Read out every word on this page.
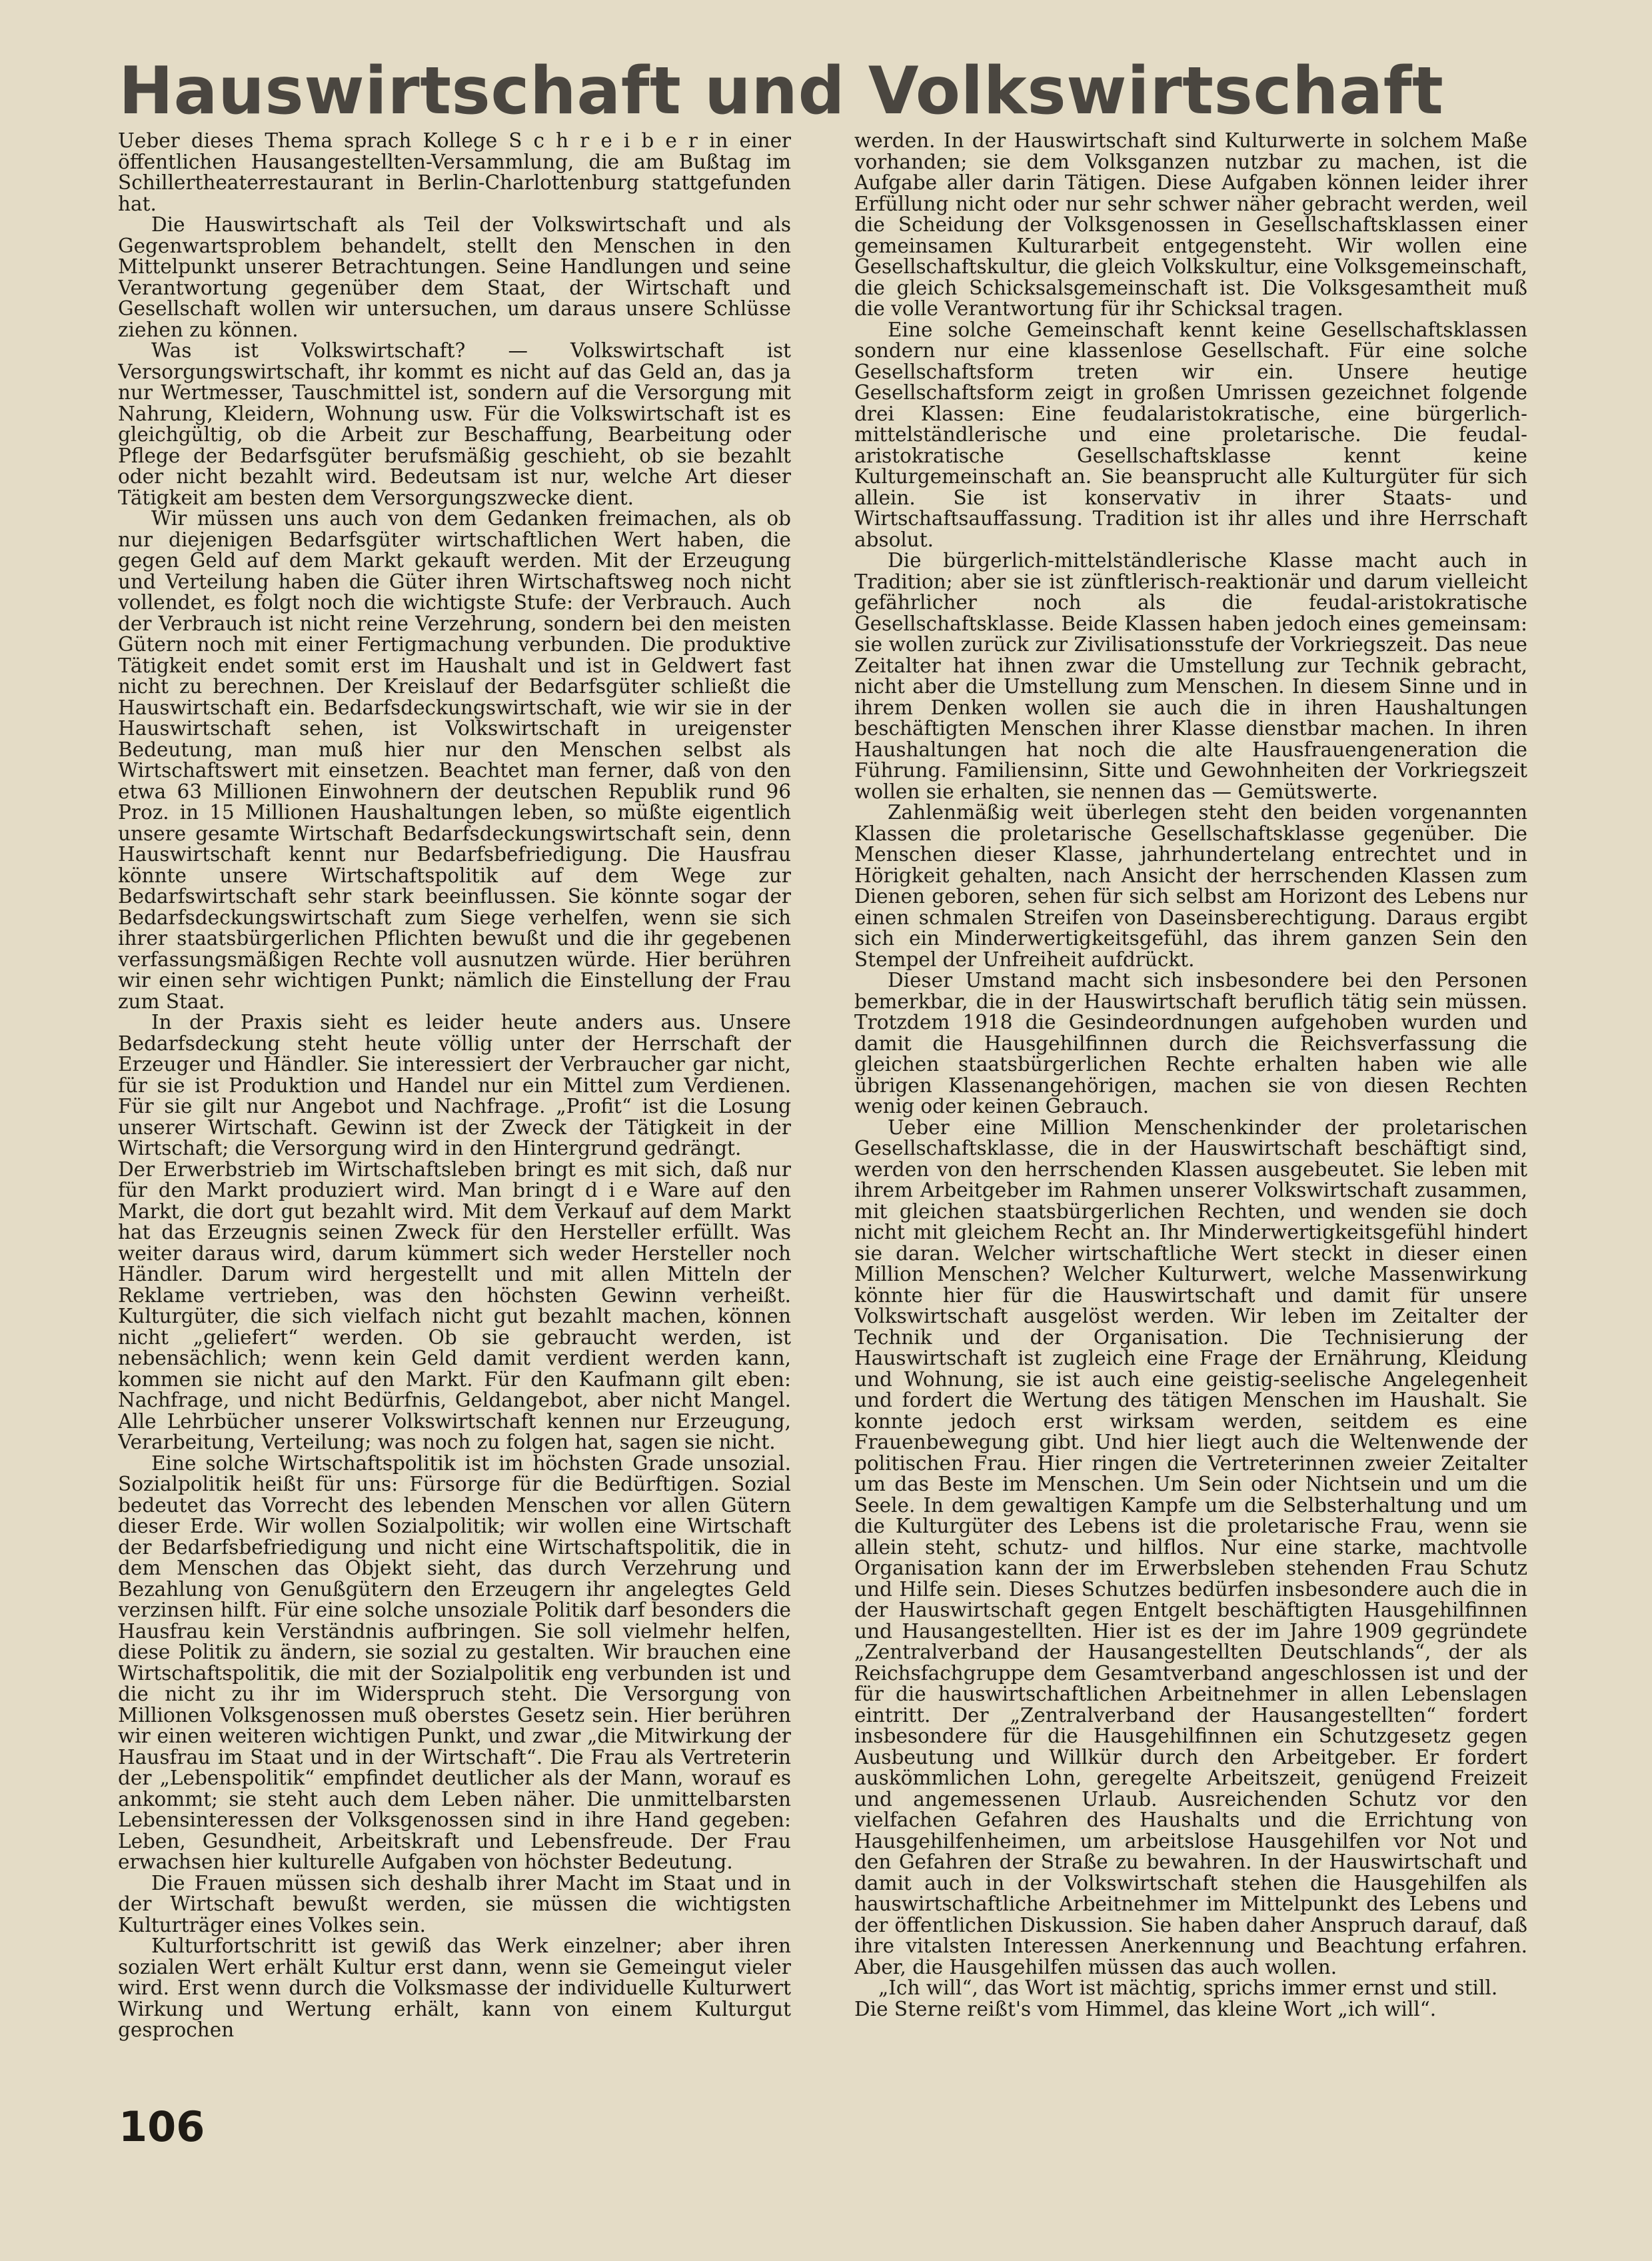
Hauswirtschaft und Volkswirtschaft

Ueber dieses Thema sprach Kollege S c h r e i b e r in einer öffentlichen Hausangestellten-Versammlung, die am Bußtag im Schillertheaterrestaurant in Berlin-Charlottenburg stattgefunden hat.

Die Hauswirtschaft als Teil der Volkswirtschaft und als Gegenwartsproblem behandelt, stellt den Menschen in den Mittelpunkt unserer Betrachtungen. Seine Handlungen und seine Verantwortung gegenüber dem Staat, der Wirtschaft und Gesellschaft wollen wir untersuchen, um daraus unsere Schlüsse ziehen zu können.

Was ist Volkswirtschaft? — Volkswirtschaft ist Versorgungswirtschaft, ihr kommt es nicht auf das Geld an, das ja nur Wertmesser, Tauschmittel ist, sondern auf die Versorgung mit Nahrung, Kleidern, Wohnung usw. Für die Volkswirtschaft ist es gleichgültig, ob die Arbeit zur Beschaffung, Bearbeitung oder Pflege der Bedarfsgüter berufsmäßig geschieht, ob sie bezahlt oder nicht bezahlt wird. Bedeutsam ist nur, welche Art dieser Tätigkeit am besten dem Versorgungszwecke dient.

Wir müssen uns auch von dem Gedanken freimachen, als ob nur diejenigen Bedarfsgüter wirtschaftlichen Wert haben, die gegen Geld auf dem Markt gekauft werden. Mit der Erzeugung und Verteilung haben die Güter ihren Wirtschaftsweg noch nicht vollendet, es folgt noch die wichtigste Stufe: der Verbrauch. Auch der Verbrauch ist nicht reine Verzehrung, sondern bei den meisten Gütern noch mit einer Fertigmachung verbunden. Die produktive Tätigkeit endet somit erst im Haushalt und ist in Geldwert fast nicht zu berechnen. Der Kreislauf der Bedarfsgüter schließt die Hauswirtschaft ein. Bedarfsdeckungswirtschaft, wie wir sie in der Hauswirtschaft sehen, ist Volkswirtschaft in ureigenster Bedeutung, man muß hier nur den Menschen selbst als Wirtschaftswert mit einsetzen. Beachtet man ferner, daß von den etwa 63 Millionen Einwohnern der deutschen Republik rund 96 Proz. in 15 Millionen Haushaltungen leben, so müßte eigentlich unsere gesamte Wirtschaft Bedarfsdeckungswirtschaft sein, denn Hauswirtschaft kennt nur Bedarfsbefriedigung. Die Hausfrau könnte unsere Wirtschaftspolitik auf dem Wege zur Bedarfswirtschaft sehr stark beeinflussen. Sie könnte sogar der Bedarfsdeckungswirtschaft zum Siege verhelfen, wenn sie sich ihrer staatsbürgerlichen Pflichten bewußt und die ihr gegebenen verfassungsmäßigen Rechte voll ausnutzen würde. Hier berühren wir einen sehr wichtigen Punkt; nämlich die Einstellung der Frau zum Staat.

In der Praxis sieht es leider heute anders aus. Unsere Bedarfsdeckung steht heute völlig unter der Herrschaft der Erzeuger und Händler. Sie interessiert der Verbraucher gar nicht, für sie ist Produktion und Handel nur ein Mittel zum Verdienen. Für sie gilt nur Angebot und Nachfrage. „Profit“ ist die Losung unserer Wirtschaft. Gewinn ist der Zweck der Tätigkeit in der Wirtschaft; die Versorgung wird in den Hintergrund gedrängt.

Der Erwerbstrieb im Wirtschaftsleben bringt es mit sich, daß nur für den Markt produziert wird. Man bringt d i e Ware auf den Markt, die dort gut bezahlt wird. Mit dem Verkauf auf dem Markt hat das Erzeugnis seinen Zweck für den Hersteller erfüllt. Was weiter daraus wird, darum kümmert sich weder Hersteller noch Händler. Darum wird hergestellt und mit allen Mitteln der Reklame vertrieben, was den höchsten Gewinn verheißt. Kulturgüter, die sich vielfach nicht gut bezahlt machen, können nicht „geliefert“ werden. Ob sie gebraucht werden, ist nebensächlich; wenn kein Geld damit verdient werden kann, kommen sie nicht auf den Markt. Für den Kaufmann gilt eben: Nachfrage, und nicht Bedürfnis, Geldangebot, aber nicht Mangel. Alle Lehrbücher unserer Volkswirtschaft kennen nur Erzeugung, Verarbeitung, Verteilung; was noch zu folgen hat, sagen sie nicht.

Eine solche Wirtschaftspolitik ist im höchsten Grade unsozial. Sozialpolitik heißt für uns: Fürsorge für die Bedürftigen. Sozial bedeutet das Vorrecht des lebenden Menschen vor allen Gütern dieser Erde. Wir wollen Sozialpolitik; wir wollen eine Wirtschaft der Bedarfsbefriedigung und nicht eine Wirtschaftspolitik, die in dem Menschen das Objekt sieht, das durch Verzehrung und Bezahlung von Genußgütern den Erzeugern ihr angelegtes Geld verzinsen hilft. Für eine solche unsoziale Politik darf besonders die Hausfrau kein Verständnis aufbringen. Sie soll vielmehr helfen, diese Politik zu ändern, sie sozial zu gestalten. Wir brauchen eine Wirtschaftspolitik, die mit der Sozialpolitik eng verbunden ist und die nicht zu ihr im Widerspruch steht. Die Versorgung von Millionen Volksgenossen muß oberstes Gesetz sein. Hier berühren wir einen weiteren wichtigen Punkt, und zwar „die Mitwirkung der Hausfrau im Staat und in der Wirtschaft“. Die Frau als Vertreterin der „Lebenspolitik“ empfindet deutlicher als der Mann, worauf es ankommt; sie steht auch dem Leben näher. Die unmittelbarsten Lebensinteressen der Volksgenossen sind in ihre Hand gegeben: Leben, Gesundheit, Arbeitskraft und Lebensfreude. Der Frau erwachsen hier kulturelle Aufgaben von höchster Bedeutung.

Die Frauen müssen sich deshalb ihrer Macht im Staat und in der Wirtschaft bewußt werden, sie müssen die wichtigsten Kulturträger eines Volkes sein.

Kulturfortschritt ist gewiß das Werk einzelner; aber ihren sozialen Wert erhält Kultur erst dann, wenn sie Gemeingut vieler wird. Erst wenn durch die Volksmasse der individuelle Kulturwert Wirkung und Wertung erhält, kann von einem Kulturgut gesprochen

werden. In der Hauswirtschaft sind Kulturwerte in solchem Maße vorhanden; sie dem Volksganzen nutzbar zu machen, ist die Aufgabe aller darin Tätigen. Diese Aufgaben können leider ihrer Erfüllung nicht oder nur sehr schwer näher gebracht werden, weil die Scheidung der Volksgenossen in Gesellschaftsklassen einer gemeinsamen Kulturarbeit entgegensteht. Wir wollen eine Gesellschaftskultur, die gleich Volkskultur, eine Volksgemeinschaft, die gleich Schicksalsgemeinschaft ist. Die Volksgesamtheit muß die volle Verantwortung für ihr Schicksal tragen.

Eine solche Gemeinschaft kennt keine Gesellschaftsklassen sondern nur eine klassenlose Gesellschaft. Für eine solche Gesellschaftsform treten wir ein. Unsere heutige Gesellschaftsform zeigt in großen Umrissen gezeichnet folgende drei Klassen: Eine feudalaristokratische, eine bürgerlich-mittelständlerische und eine proletarische. Die feudal-aristokratische Gesellschaftsklasse kennt keine Kulturgemeinschaft an. Sie beansprucht alle Kulturgüter für sich allein. Sie ist konservativ in ihrer Staats- und Wirtschaftsauffassung. Tradition ist ihr alles und ihre Herrschaft absolut.

Die bürgerlich-mittelständlerische Klasse macht auch in Tradition; aber sie ist zünftlerisch-reaktionär und darum vielleicht gefährlicher noch als die feudal-aristokratische Gesellschaftsklasse. Beide Klassen haben jedoch eines gemeinsam: sie wollen zurück zur Zivilisationsstufe der Vorkriegszeit. Das neue Zeitalter hat ihnen zwar die Umstellung zur Technik gebracht, nicht aber die Umstellung zum Menschen. In diesem Sinne und in ihrem Denken wollen sie auch die in ihren Haushaltungen beschäftigten Menschen ihrer Klasse dienstbar machen. In ihren Haushaltungen hat noch die alte Hausfrauengeneration die Führung. Familiensinn, Sitte und Gewohnheiten der Vorkriegszeit wollen sie erhalten, sie nennen das — Gemütswerte.

Zahlenmäßig weit überlegen steht den beiden vorgenannten Klassen die proletarische Gesellschaftsklasse gegenüber. Die Menschen dieser Klasse, jahrhundertelang entrechtet und in Hörigkeit gehalten, nach Ansicht der herrschenden Klassen zum Dienen geboren, sehen für sich selbst am Horizont des Lebens nur einen schmalen Streifen von Daseinsberechtigung. Daraus ergibt sich ein Minderwertigkeitsgefühl, das ihrem ganzen Sein den Stempel der Unfreiheit aufdrückt.

Dieser Umstand macht sich insbesondere bei den Personen bemerkbar, die in der Hauswirtschaft beruflich tätig sein müssen. Trotzdem 1918 die Gesindeordnungen aufgehoben wurden und damit die Hausgehilfinnen durch die Reichsverfassung die gleichen staatsbürgerlichen Rechte erhalten haben wie alle übrigen Klassenangehörigen, machen sie von diesen Rechten wenig oder keinen Gebrauch.

Ueber eine Million Menschenkinder der proletarischen Gesellschaftsklasse, die in der Hauswirtschaft beschäftigt sind, werden von den herrschenden Klassen ausgebeutet. Sie leben mit ihrem Arbeitgeber im Rahmen unserer Volkswirtschaft zusammen, mit gleichen staatsbürgerlichen Rechten, und wenden sie doch nicht mit gleichem Recht an. Ihr Minderwertigkeitsgefühl hindert sie daran. Welcher wirtschaftliche Wert steckt in dieser einen Million Menschen? Welcher Kulturwert, welche Massenwirkung könnte hier für die Hauswirtschaft und damit für unsere Volkswirtschaft ausgelöst werden. Wir leben im Zeitalter der Technik und der Organisation. Die Technisierung der Hauswirtschaft ist zugleich eine Frage der Ernährung, Kleidung und Wohnung, sie ist auch eine geistig-seelische Angelegenheit und fordert die Wertung des tätigen Menschen im Haushalt. Sie konnte jedoch erst wirksam werden, seitdem es eine Frauenbewegung gibt. Und hier liegt auch die Weltenwende der politischen Frau. Hier ringen die Vertreterinnen zweier Zeitalter um das Beste im Menschen. Um Sein oder Nichtsein und um die Seele. In dem gewaltigen Kampfe um die Selbsterhaltung und um die Kulturgüter des Lebens ist die proletarische Frau, wenn sie allein steht, schutz- und hilflos. Nur eine starke, machtvolle Organisation kann der im Erwerbsleben stehenden Frau Schutz und Hilfe sein. Dieses Schutzes bedürfen insbesondere auch die in der Hauswirtschaft gegen Entgelt beschäftigten Hausgehilfinnen und Hausangestellten. Hier ist es der im Jahre 1909 gegründete „Zentralverband der Hausangestellten Deutschlands“, der als Reichsfachgruppe dem Gesamtverband angeschlossen ist und der für die hauswirtschaftlichen Arbeitnehmer in allen Lebenslagen eintritt. Der „Zentralverband der Hausangestellten“ fordert insbesondere für die Hausgehilfinnen ein Schutzgesetz gegen Ausbeutung und Willkür durch den Arbeitgeber. Er fordert auskömmlichen Lohn, geregelte Arbeitszeit, genügend Freizeit und angemessenen Urlaub. Ausreichenden Schutz vor den vielfachen Gefahren des Haushalts und die Errichtung von Hausgehilfenheimen, um arbeitslose Hausgehilfen vor Not und den Gefahren der Straße zu bewahren. In der Hauswirtschaft und damit auch in der Volkswirtschaft stehen die Hausgehilfen als hauswirtschaftliche Arbeitnehmer im Mittelpunkt des Lebens und der öffentlichen Diskussion. Sie haben daher Anspruch darauf, daß ihre vitalsten Interessen Anerkennung und Beachtung erfahren. Aber, die Hausgehilfen müssen das auch wollen.

„Ich will“, das Wort ist mächtig, sprichs immer ernst und still.

Die Sterne reißt's vom Himmel, das kleine Wort „ich will“.

106
